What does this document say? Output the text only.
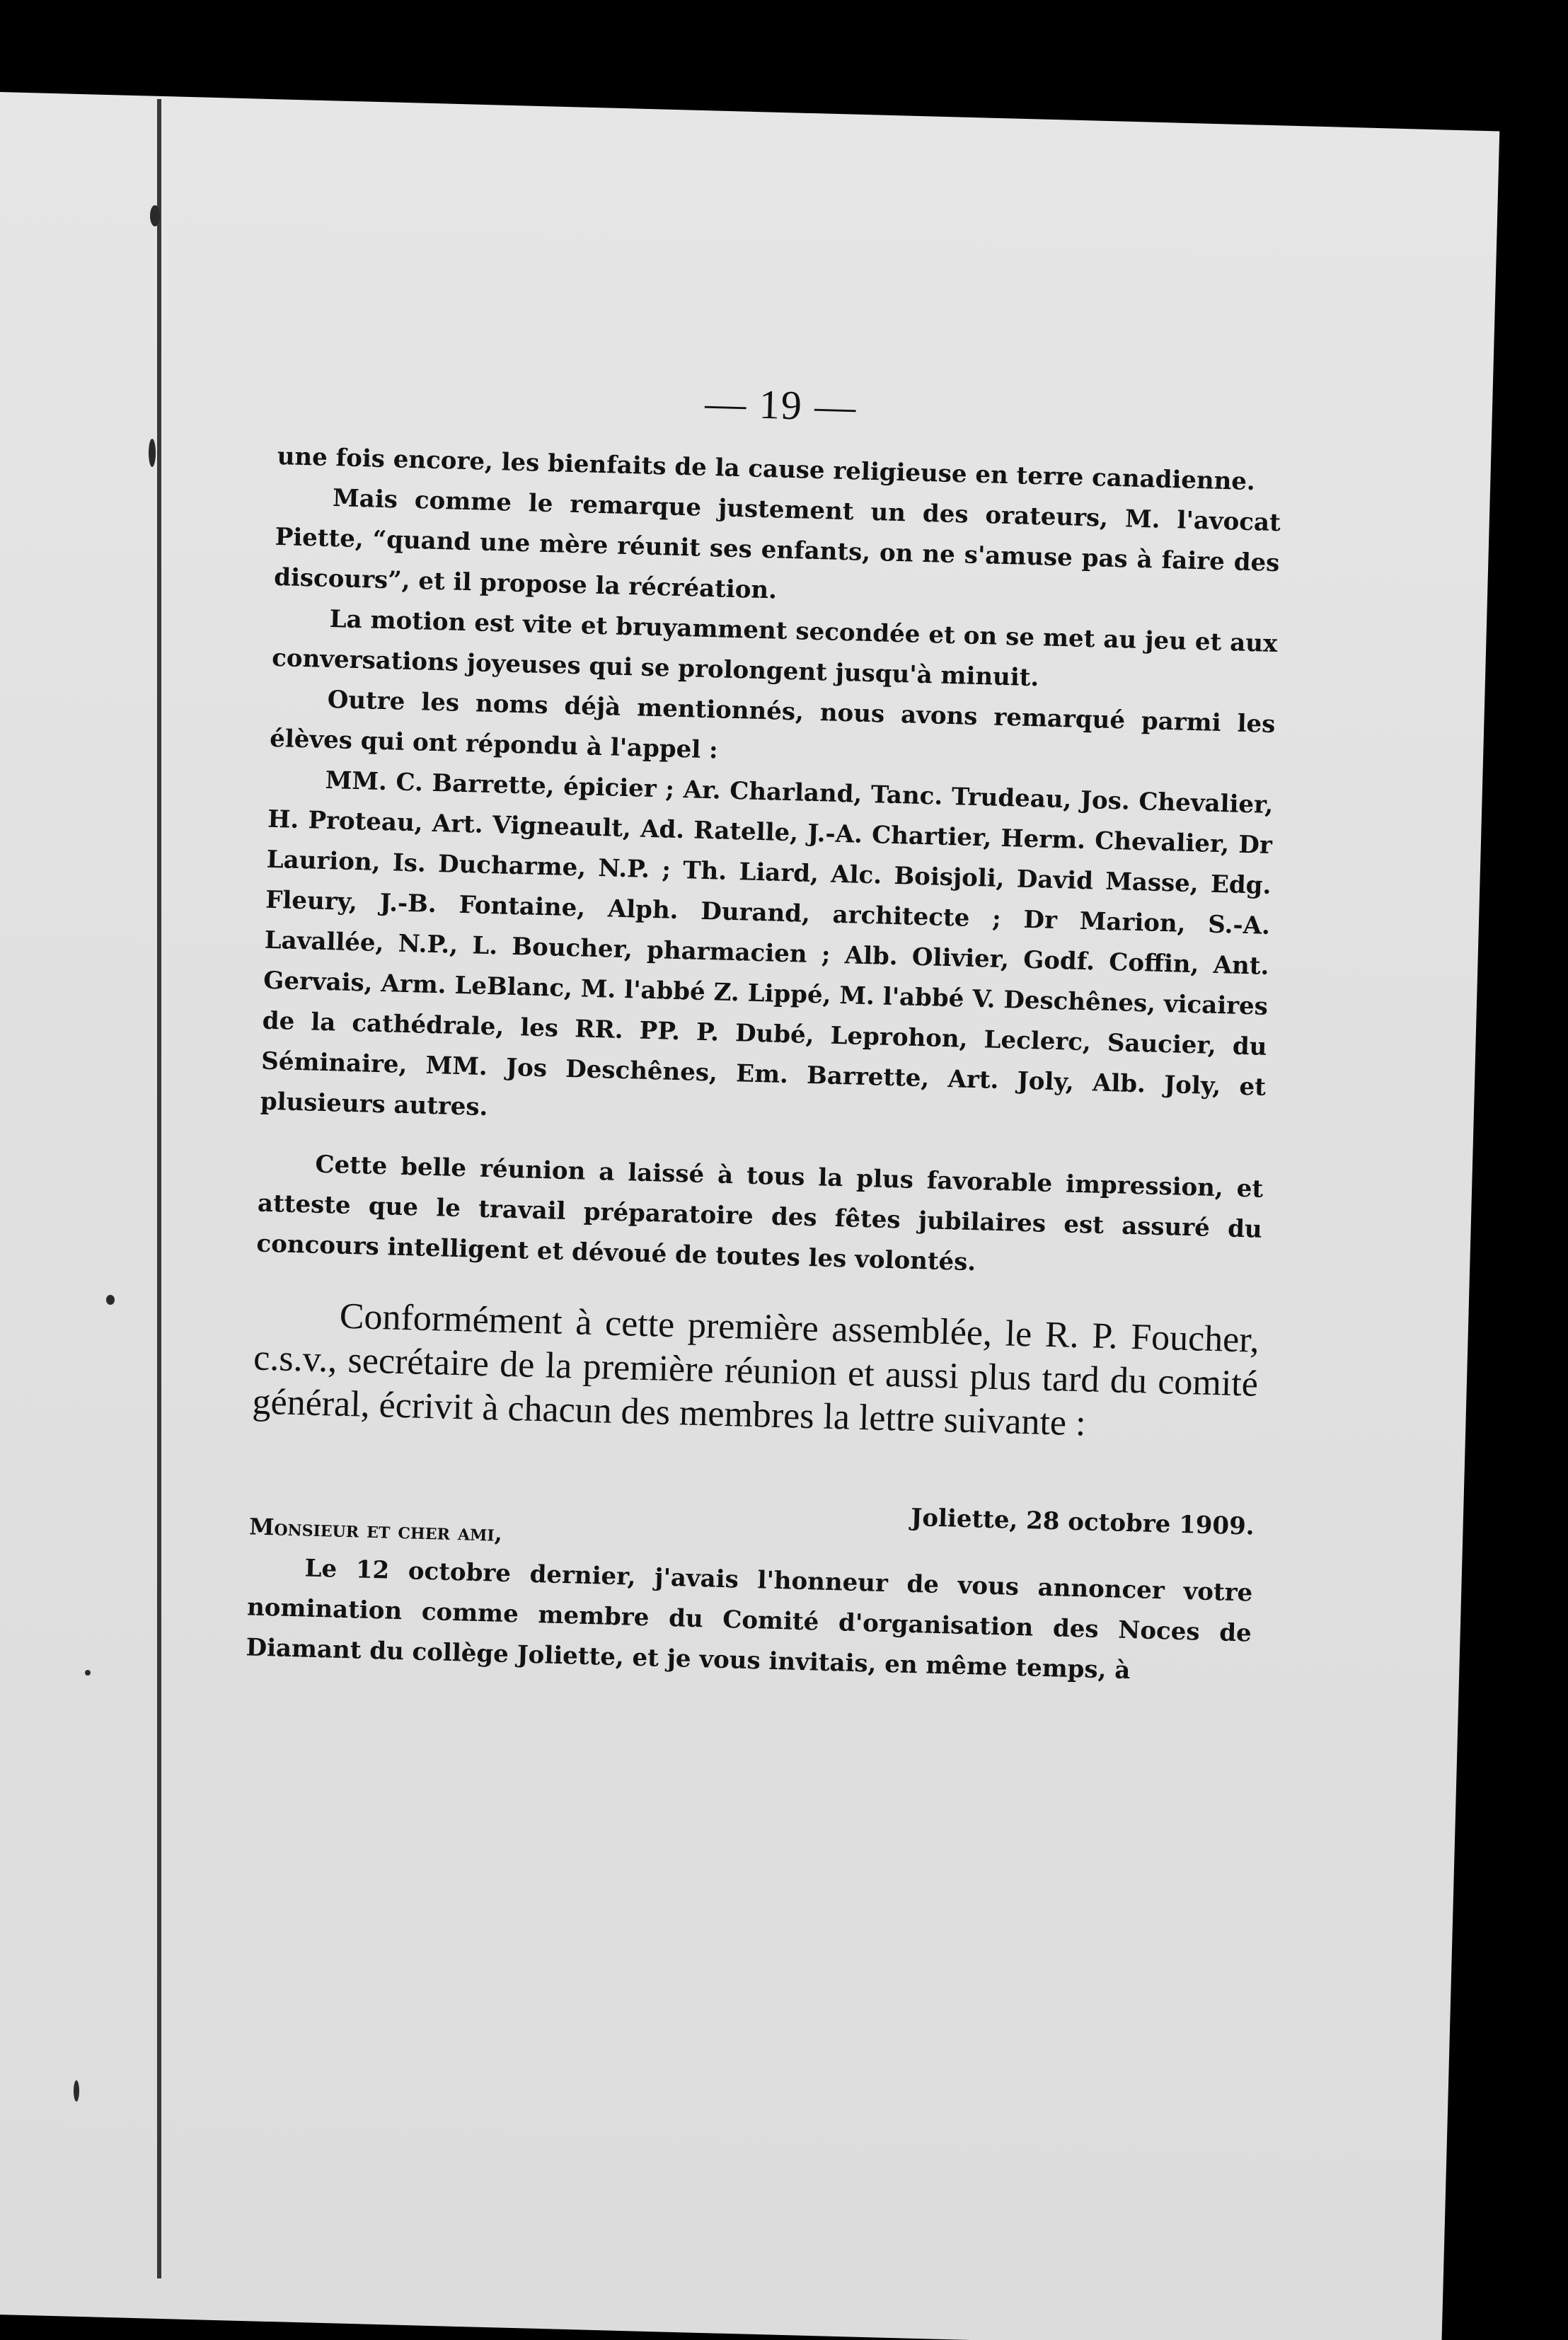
— 19 —

une fois encore, les bienfaits de la cause religieuse en terre canadienne.

Mais comme le remarque justement un des orateurs, M. l'avocat Piette, “quand une mère réunit ses enfants, on ne s'amuse pas à faire des discours”, et il propose la récréation.

La motion est vite et bruyamment secondée et on se met au jeu et aux conversations joyeuses qui se prolongent jusqu'à minuit.

Outre les noms déjà mentionnés, nous avons remarqué parmi les élèves qui ont répondu à l'appel :

MM. C. Barrette, épicier ; Ar. Charland, Tanc. Trudeau, Jos. Chevalier, H. Proteau, Art. Vigneault, Ad. Ratelle, J.-A. Chartier, Herm. Chevalier, Dr Laurion, Is. Ducharme, N.P. ; Th. Liard, Alc. Boisjoli, David Masse, Edg. Fleury, J.-B. Fontaine, Alph. Durand, architecte ; Dr Marion, S.-A. Lavallée, N.P., L. Boucher, pharmacien ; Alb. Olivier, Godf. Coffin, Ant. Gervais, Arm. LeBlanc, M. l'abbé Z. Lippé, M. l'abbé V. Deschênes, vicaires de la cathédrale, les RR. PP. P. Dubé, Leprohon, Leclerc, Saucier, du Séminaire, MM. Jos Deschênes, Em. Barrette, Art. Joly, Alb. Joly, et plusieurs autres.

Cette belle réunion a laissé à tous la plus favorable impression, et atteste que le travail préparatoire des fêtes jubilaires est assuré du concours intelligent et dévoué de toutes les volontés.

Conformément à cette première assemblée, le R. P. Foucher, c.s.v., secrétaire de la première réunion et aussi plus tard du comité général, écrivit à chacun des membres la lettre suivante :

Joliette, 28 octobre 1909.

Monsieur et cher ami,

Le 12 octobre dernier, j'avais l'honneur de vous annoncer votre nomination comme membre du Comité d'organisation des Noces de Diamant du collège Joliette, et je vous invitais, en même temps, à
